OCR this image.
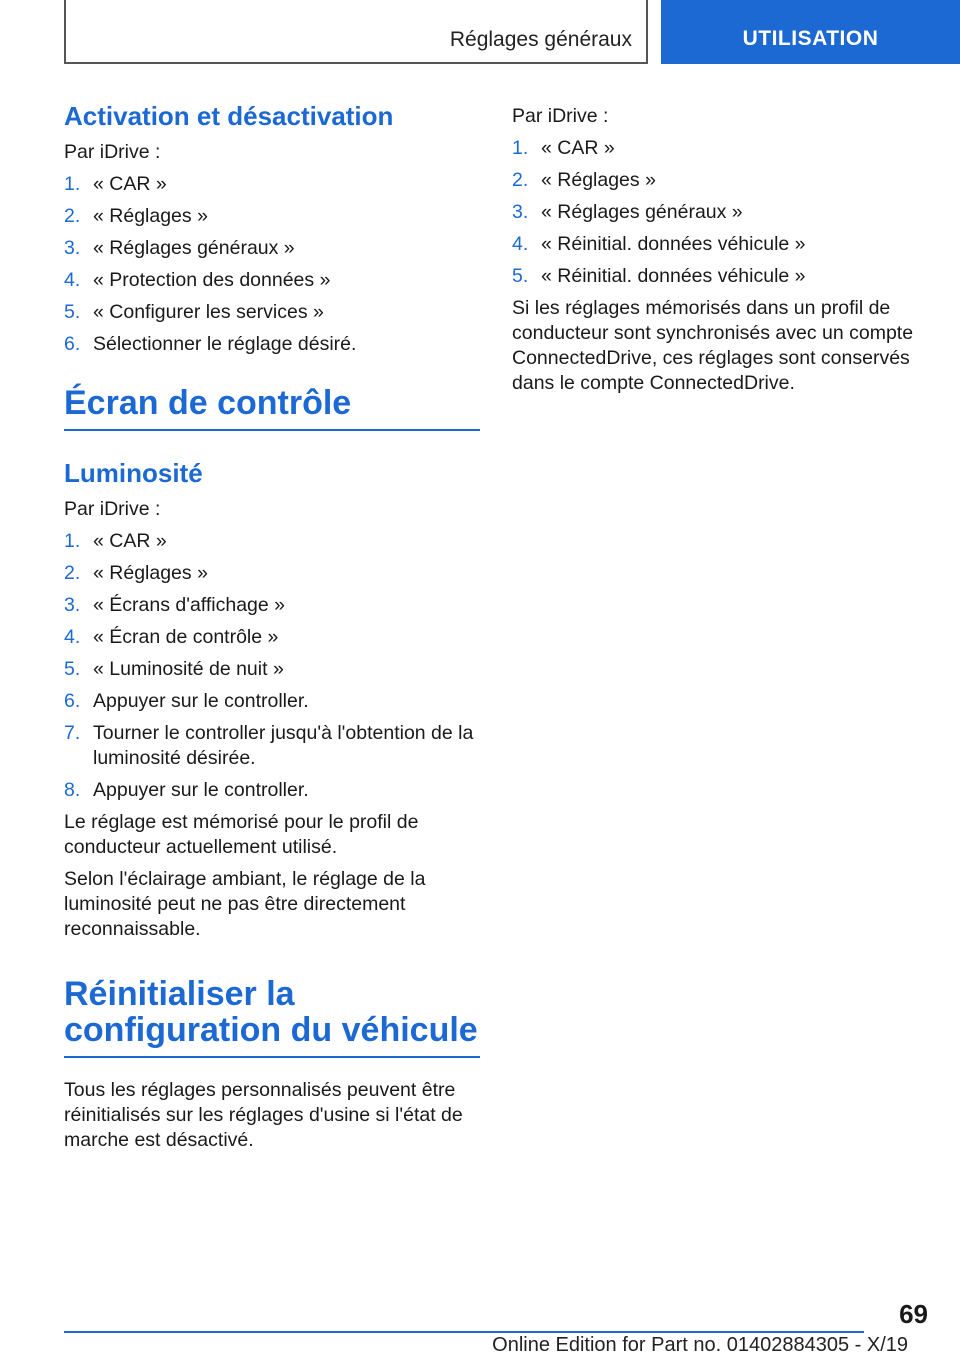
Réglages généraux	UTILISATION
Activation et désactivation

Par iDrive :

1. « CAR »
2. « Réglages »
3. « Réglages généraux »
4. « Protection des données »
5. « Configurer les services »
6. Sélectionner le réglage désiré.
Écran de contrôle
Luminosité

Par iDrive :

1. « CAR »
2. « Réglages »
3. « Écrans d'affichage »
4. « Écran de contrôle »
5. « Luminosité de nuit »
6. Appuyer sur le controller.
7. Tourner le controller jusqu'à l'obtention de la luminosité désirée.
8. Appuyer sur le controller.

Le réglage est mémorisé pour le profil de conducteur actuellement utilisé.

Selon l'éclairage ambiant, le réglage de la luminosité peut ne pas être directement reconnaissable.

Réinitialiser la
configuration du véhicule

Tous les réglages personnalisés peuvent être réinitialisés sur les réglages d'usine si l'état de marche est désactivé.

Par iDrive :

1. « CAR »
2. « Réglages »
3. « Réglages généraux »
4. « Réinitial. données véhicule »
5. « Réinitial. données véhicule »

Si les réglages mémorisés dans un profil de conducteur sont synchronisés avec un compte ConnectedDrive, ces réglages sont conservés dans le compte ConnectedDrive.

69
Online Edition for Part no. 01402884305 - X/19
